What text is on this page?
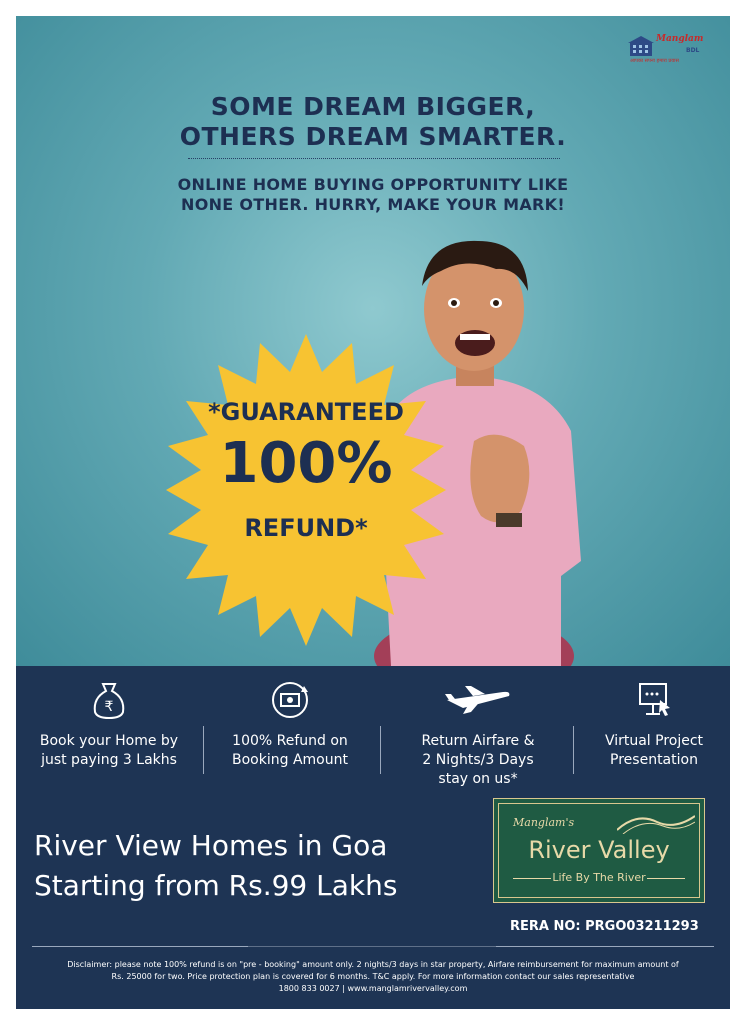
Manglam
BDL
आपका सपना हमारा प्रयास
SOME DREAM BIGGER,
OTHERS DREAM SMARTER.
ONLINE HOME BUYING OPPORTUNITY LIKE
NONE OTHER. HURRY, MAKE YOUR MARK!
*GUARANTEED
100%
REFUND*
₹
Book your Home by
just paying 3 Lakhs
100% Refund on
Booking Amount
Return Airfare &
2 Nights/3 Days
stay on us*
Virtual Project
Presentation
River View Homes in Goa
Starting from Rs.99 Lakhs
Manglam's
River Valley
Life By The River
RERA NO: PRGO03211293
Disclaimer: please note 100% refund is on "pre - booking" amount only. 2 nights/3 days in star property, Airfare reimbursement for maximum amount of
Rs. 25000 for two. Price protection plan is covered for 6 months. T&C apply. For more information contact our sales representative
1800 833 0027 | www.manglamrivervalley.com
